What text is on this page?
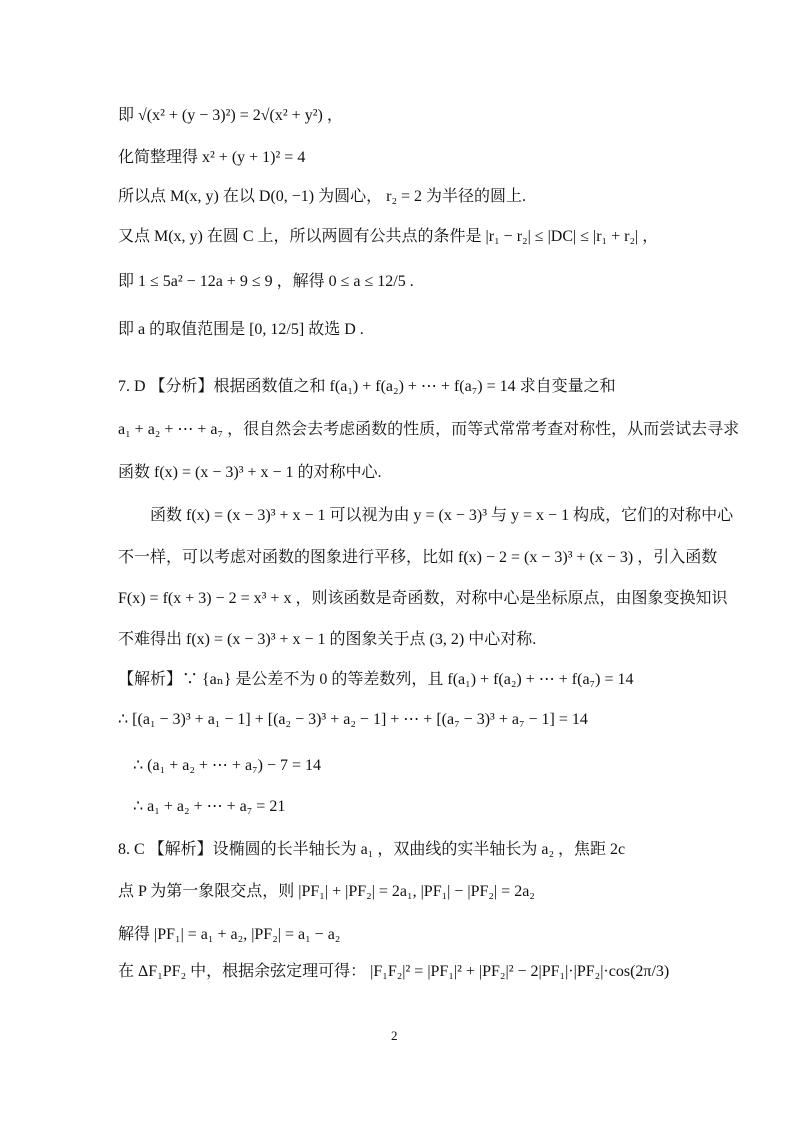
即 √(x² + (y − 3)²) = 2√(x² + y²) ，
化简整理得 x² + (y + 1)² = 4
所以点 M(x, y) 在以 D(0, −1) 为圆心， r₂ = 2 为半径的圆上.
又点 M(x, y) 在圆 C 上，所以两圆有公共点的条件是 |r₁ − r₂| ≤ |DC| ≤ |r₁ + r₂| ，
即 1 ≤ 5a² − 12a + 9 ≤ 9 ，解得 0 ≤ a ≤ 12/5 .
即 a 的取值范围是 [0, 12/5] 故选 D .
7. D 【分析】根据函数值之和 f(a₁) + f(a₂) + ⋯ + f(a₇) = 14 求自变量之和
a₁ + a₂ + ⋯ + a₇ ，很自然会去考虑函数的性质，而等式常常考查对称性，从而尝试去寻求
函数 f(x) = (x − 3)³ + x − 1 的对称中心.
函数 f(x) = (x − 3)³ + x − 1 可以视为由 y = (x − 3)³ 与 y = x − 1 构成，它们的对称中心
不一样，可以考虑对函数的图象进行平移，比如 f(x) − 2 = (x − 3)³ + (x − 3) ，引入函数
F(x) = f(x + 3) − 2 = x³ + x ，则该函数是奇函数，对称中心是坐标原点，由图象变换知识
不难得出 f(x) = (x − 3)³ + x − 1 的图象关于点 (3, 2) 中心对称.
【解析】∵ {aₙ} 是公差不为 0 的等差数列，且 f(a₁) + f(a₂) + ⋯ + f(a₇) = 14
∴ [(a₁ − 3)³ + a₁ − 1] + [(a₂ − 3)³ + a₂ − 1] + ⋯ + [(a₇ − 3)³ + a₇ − 1] = 14
∴ (a₁ + a₂ + ⋯ + a₇) − 7 = 14
∴ a₁ + a₂ + ⋯ + a₇ = 21
8. C 【解析】设椭圆的长半轴长为 a₁ ，双曲线的实半轴长为 a₂ ，焦距 2c
点 P 为第一象限交点，则 |PF₁| + |PF₂| = 2a₁, |PF₁| − |PF₂| = 2a₂
解得 |PF₁| = a₁ + a₂, |PF₂| = a₁ − a₂
在 ΔF₁PF₂ 中，根据余弦定理可得： |F₁F₂|² = |PF₁|² + |PF₂|² − 2|PF₁|·|PF₂|·cos(2π/3)
2
